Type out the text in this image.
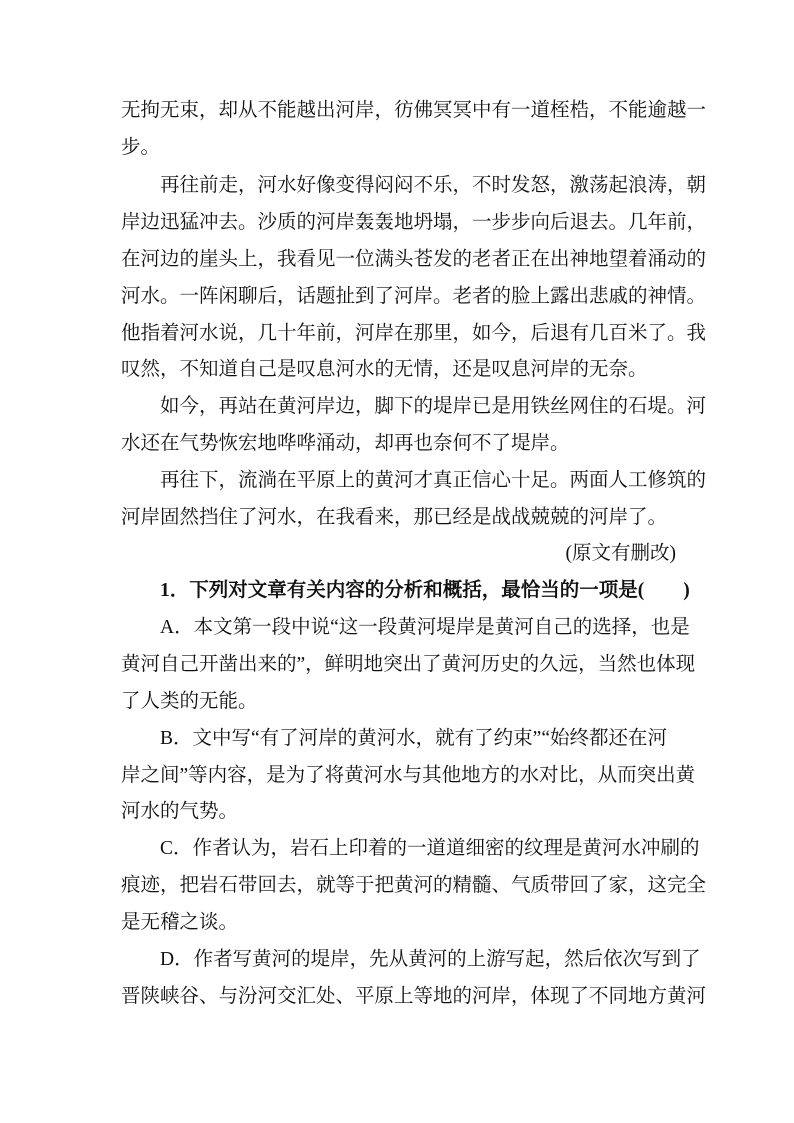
无拘无束，却从不能越出河岸，彷佛冥冥中有一道桎梏，不能逾越一
步。
再往前走，河水好像变得闷闷不乐，不时发怒，激荡起浪涛，朝
岸边迅猛冲去。沙质的河岸轰轰地坍塌，一步步向后退去。几年前，
在河边的崖头上，我看见一位满头苍发的老者正在出神地望着涌动的
河水。一阵闲聊后，话题扯到了河岸。老者的脸上露出悲戚的神情。
他指着河水说，几十年前，河岸在那里，如今，后退有几百米了。我
叹然，不知道自己是叹息河水的无情，还是叹息河岸的无奈。
如今，再站在黄河岸边，脚下的堤岸已是用铁丝网住的石堤。河
水还在气势恢宏地哗哗涌动，却再也奈何不了堤岸。
再往下，流淌在平原上的黄河才真正信心十足。两面人工修筑的
河岸固然挡住了河水，在我看来，那已经是战战兢兢的河岸了。
(原文有删改)
1．下列对文章有关内容的分析和概括，最恰当的一项是(　　)
A．本文第一段中说“这一段黄河堤岸是黄河自己的选择，也是
黄河自己开凿出来的”，鲜明地突出了黄河历史的久远，当然也体现
了人类的无能。
B．文中写“有了河岸的黄河水，就有了约束”“始终都还在河
岸之间”等内容，是为了将黄河水与其他地方的水对比，从而突出黄
河水的气势。
C．作者认为，岩石上印着的一道道细密的纹理是黄河水冲刷的
痕迹，把岩石带回去，就等于把黄河的精髓、气质带回了家，这完全
是无稽之谈。
D．作者写黄河的堤岸，先从黄河的上游写起，然后依次写到了
晋陕峡谷、与汾河交汇处、平原上等地的河岸，体现了不同地方黄河
